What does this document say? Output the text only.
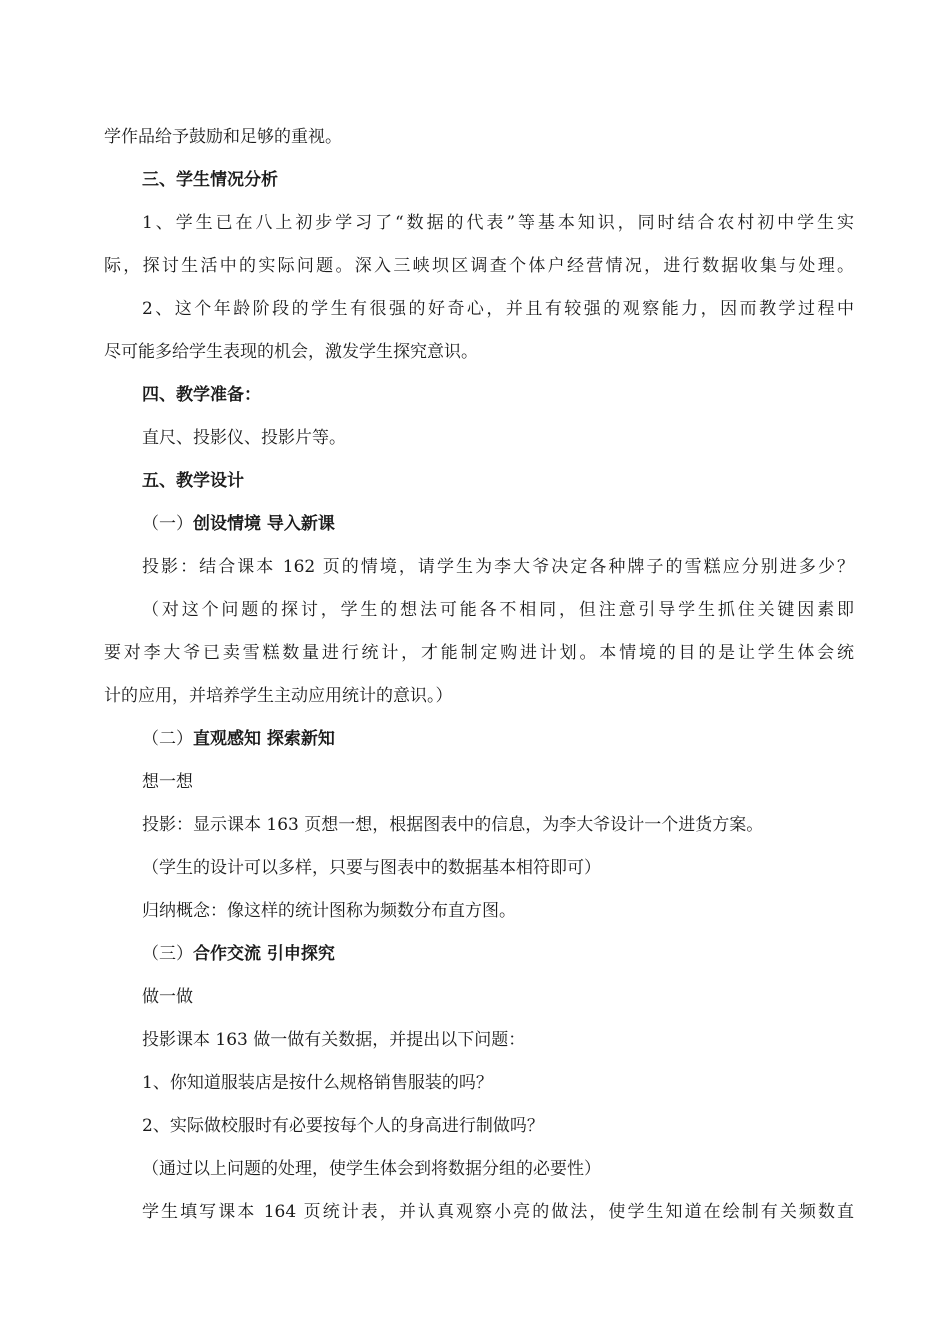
学作品给予鼓励和足够的重视。
三、学生情况分析
1、学生已在八上初步学习了“数据的代表”等基本知识，同时结合农村初中学生实
际，探讨生活中的实际问题。深入三峡坝区调查个体户经营情况，进行数据收集与处理。
2、这个年龄阶段的学生有很强的好奇心，并且有较强的观察能力，因而教学过程中
尽可能多给学生表现的机会，激发学生探究意识。
四、教学准备：
直尺、投影仪、投影片等。
五、教学设计
（一）创设情境 导入新课
投影：结合课本 162 页的情境，请学生为李大爷决定各种牌子的雪糕应分别进多少？
（对这个问题的探讨，学生的想法可能各不相同，但注意引导学生抓住关键因素即
要对李大爷已卖雪糕数量进行统计，才能制定购进计划。本情境的目的是让学生体会统
计的应用，并培养学生主动应用统计的意识。）
（二）直观感知 探索新知
想一想
投影：显示课本 163 页想一想，根据图表中的信息，为李大爷设计一个进货方案。
（学生的设计可以多样，只要与图表中的数据基本相符即可）
归纳概念：像这样的统计图称为频数分布直方图。
（三）合作交流 引申探究
做一做
投影课本 163 做一做有关数据，并提出以下问题：
1、你知道服装店是按什么规格销售服装的吗？
2、实际做校服时有必要按每个人的身高进行制做吗？
（通过以上问题的处理，使学生体会到将数据分组的必要性）
学生填写课本 164 页统计表，并认真观察小亮的做法，使学生知道在绘制有关频数直
